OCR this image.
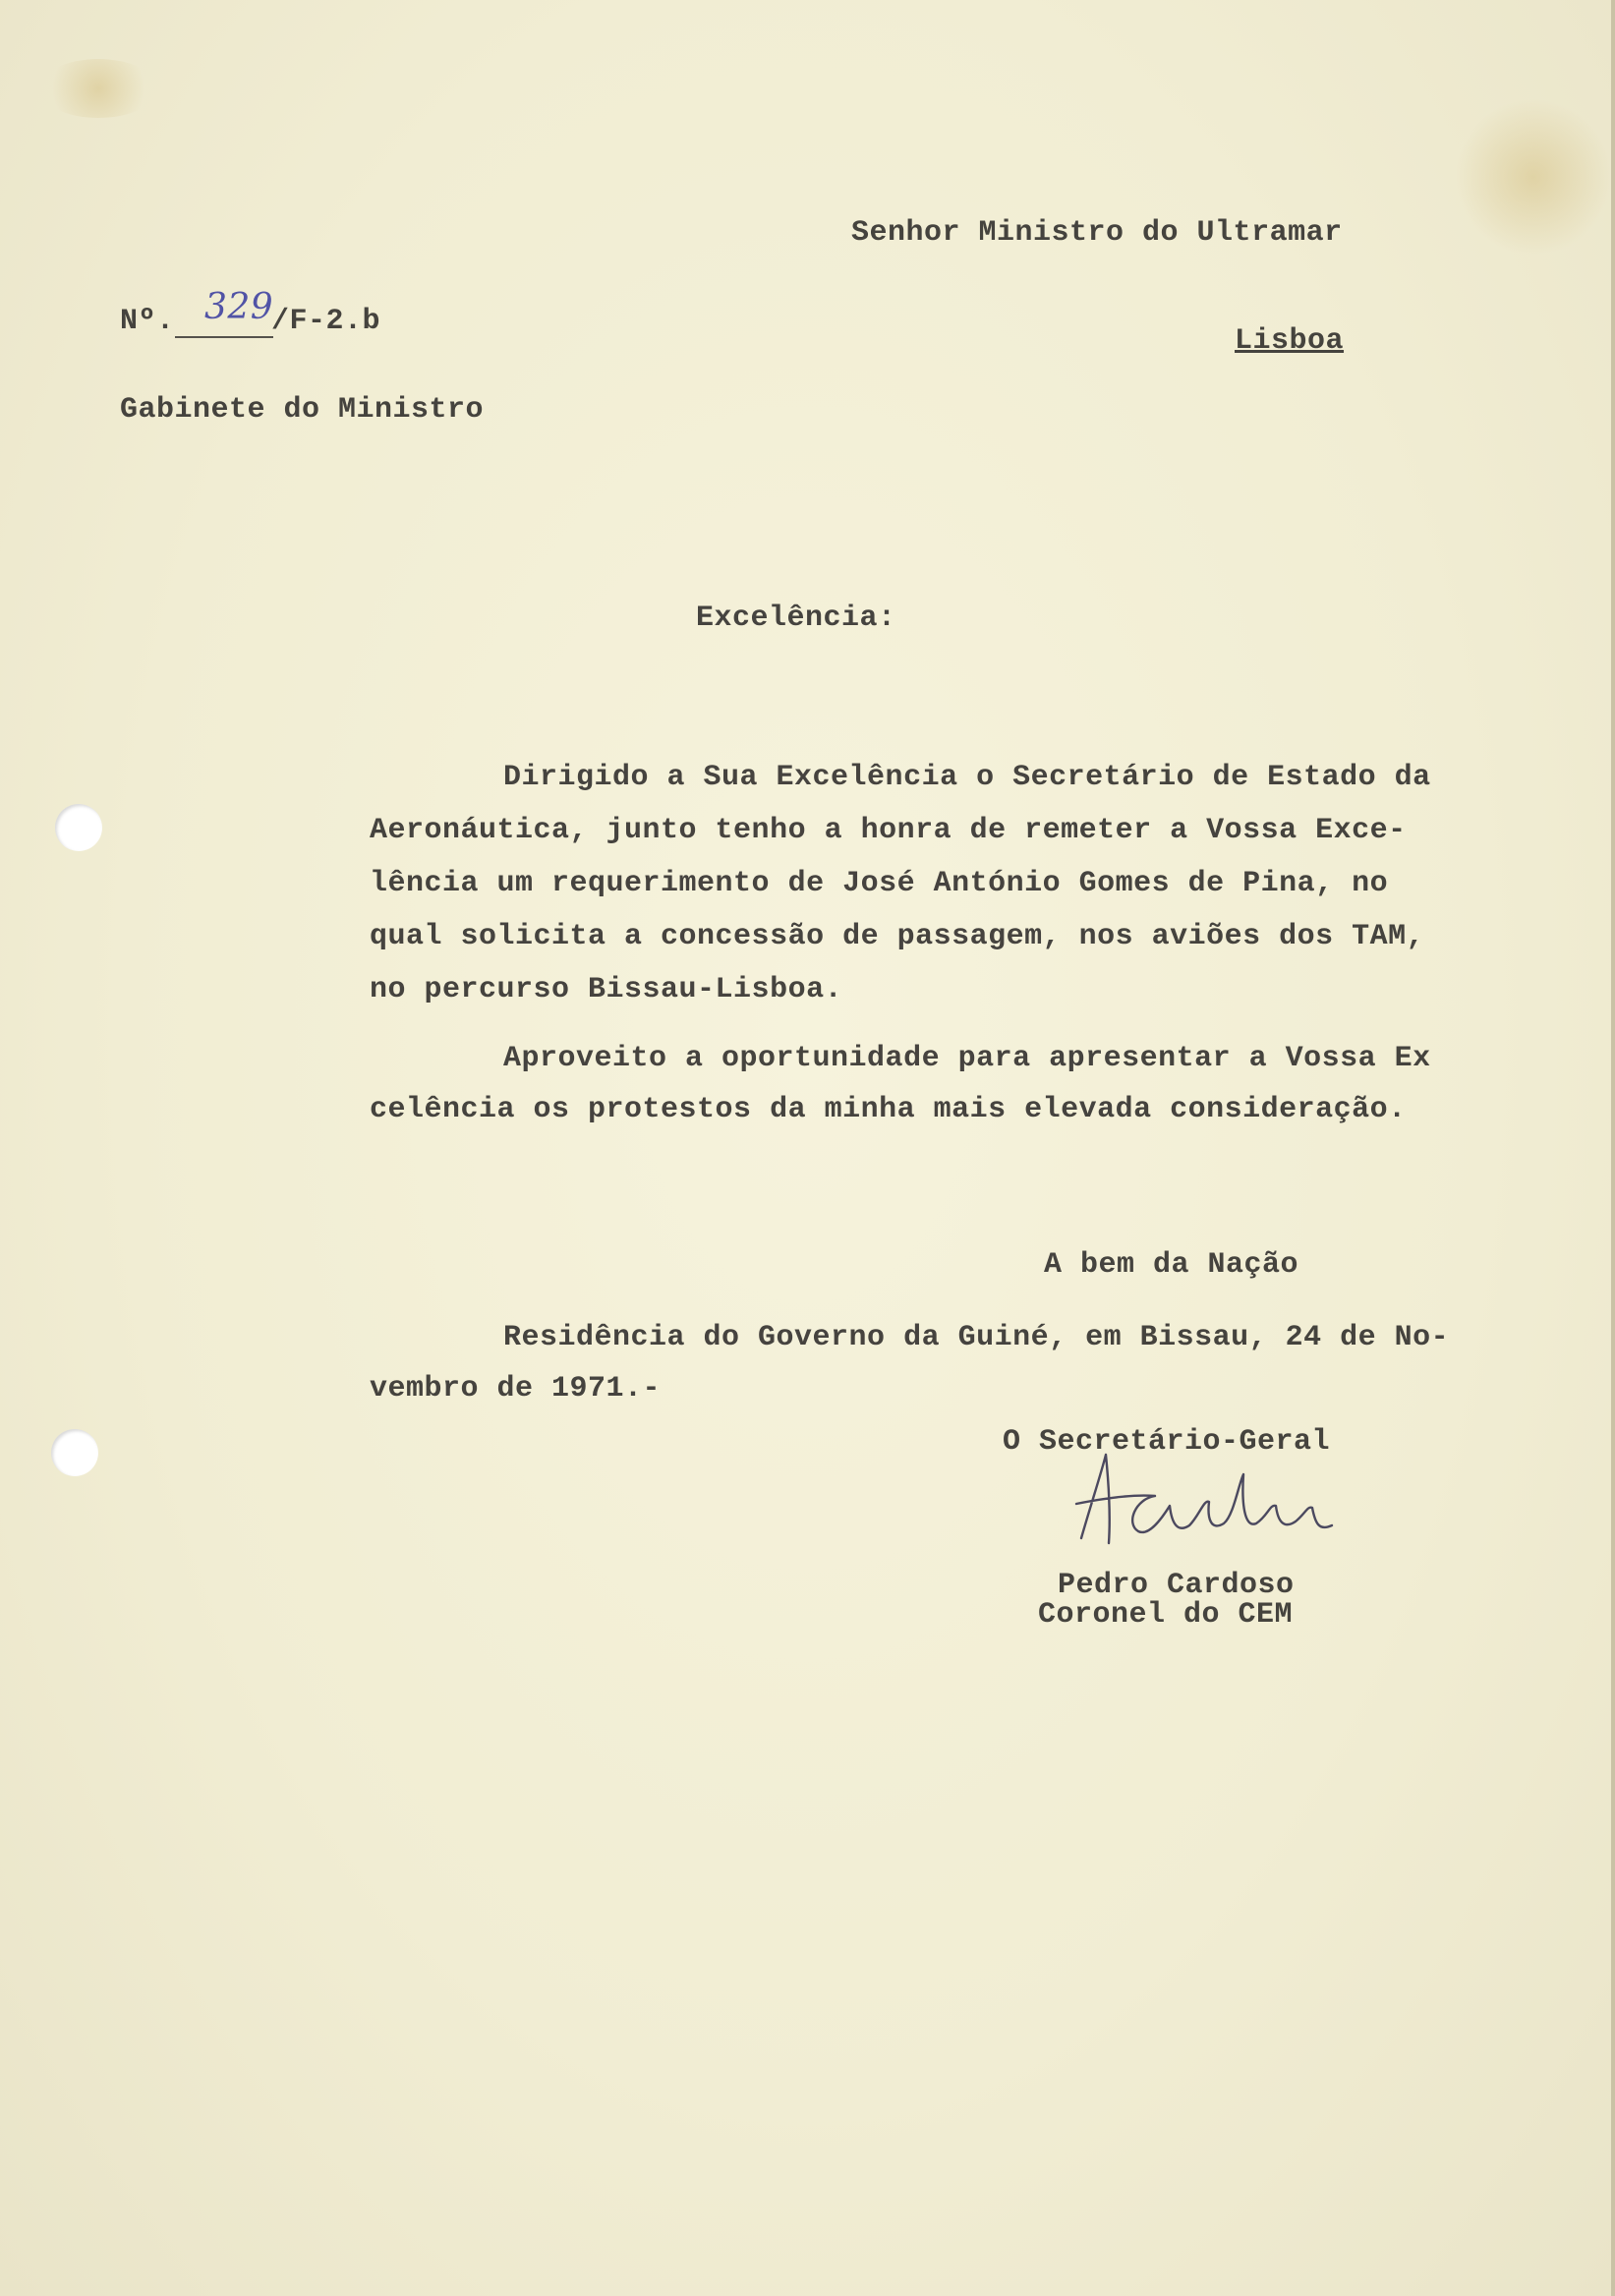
Senhor Ministro do Ultramar
Nº. 329
/F-2.b
Lisboa
Gabinete do Ministro
Excelência:
Dirigido a Sua Excelência o Secretário de Estado da
Aeronáutica, junto tenho a honra de remeter a Vossa Exce-
lência um requerimento de José António Gomes de Pina, no
qual solicita a concessão de passagem, nos aviões dos TAM,
no percurso Bissau-Lisboa.
Aproveito a oportunidade para apresentar a Vossa Ex
celência os protestos da minha mais elevada consideração.
A bem da Nação
Residência do Governo da Guiné, em Bissau, 24 de No-
vembro de 1971.-
O Secretário-Geral
Pedro Cardoso
Coronel do CEM
